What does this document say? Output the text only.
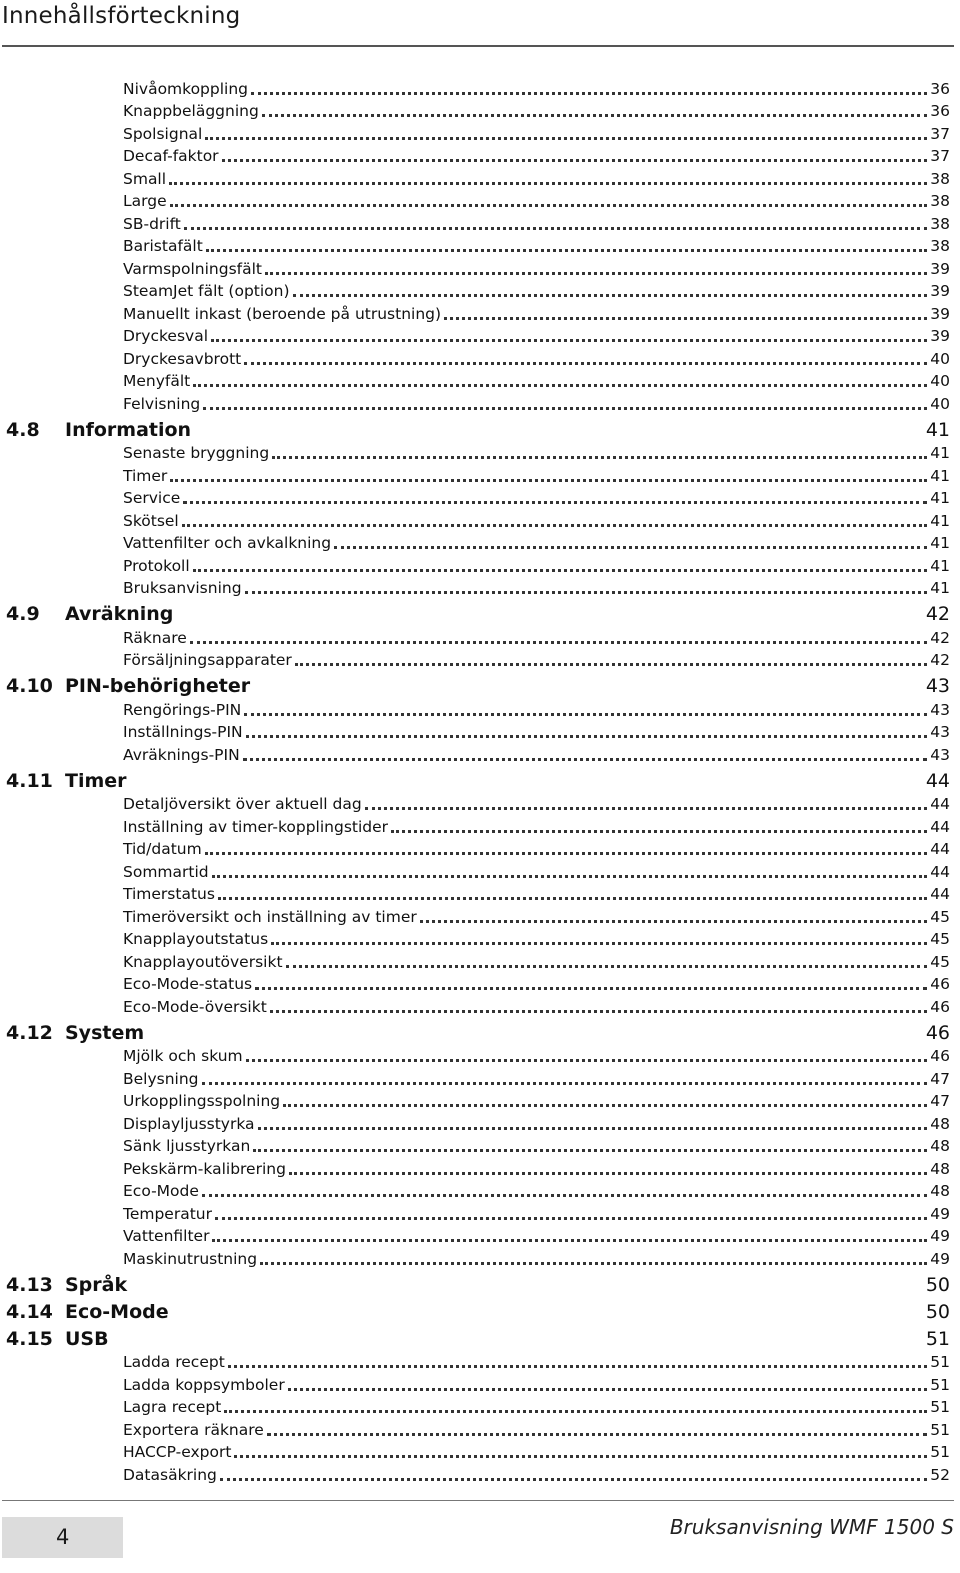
Innehållsförteckning
Nivåomkoppling	36
Knappbeläggning	36
Spolsignal	37
Decaf-faktor	37
Small	38
Large	38
SB-drift	38
Baristafält	38
Varmspolningsfält	39
SteamJet fält (option)	39
Manuellt inkast (beroende på utrustning)	39
Dryckesval	39
Dryckesavbrott	40
Menyfält	40
Felvisning	40
4.8 Information	41
Senaste bryggning	41
Timer	41
Service	41
Skötsel	41
Vattenfilter och avkalkning	41
Protokoll	41
Bruksanvisning	41
4.9 Avräkning	42
Räknare	42
Försäljningsapparater	42
4.10 PIN-behörigheter	43
Rengörings-PIN	43
Inställnings-PIN	43
Avräknings-PIN	43
4.11 Timer	44
Detaljöversikt över aktuell dag	44
Inställning av timer-kopplingstider	44
Tid/datum	44
Sommartid	44
Timerstatus	44
Timeröversikt och inställning av timer	45
Knapplayoutstatus	45
Knapplayoutöversikt	45
Eco-Mode-status	46
Eco-Mode-översikt	46
4.12 System	46
Mjölk och skum	46
Belysning	47
Urkopplingsspolning	47
Displayljusstyrka	48
Sänk ljusstyrkan	48
Pekskärm-kalibrering	48
Eco-Mode	48
Temperatur	49
Vattenfilter	49
Maskinutrustning	49
4.13 Språk	50
4.14 Eco-Mode	50
4.15 USB	51
Ladda recept	51
Ladda koppsymboler	51
Lagra recept	51
Exportera räknare	51
HACCP-export	51
Datasäkring	52
4	Bruksanvisning WMF 1500 S
